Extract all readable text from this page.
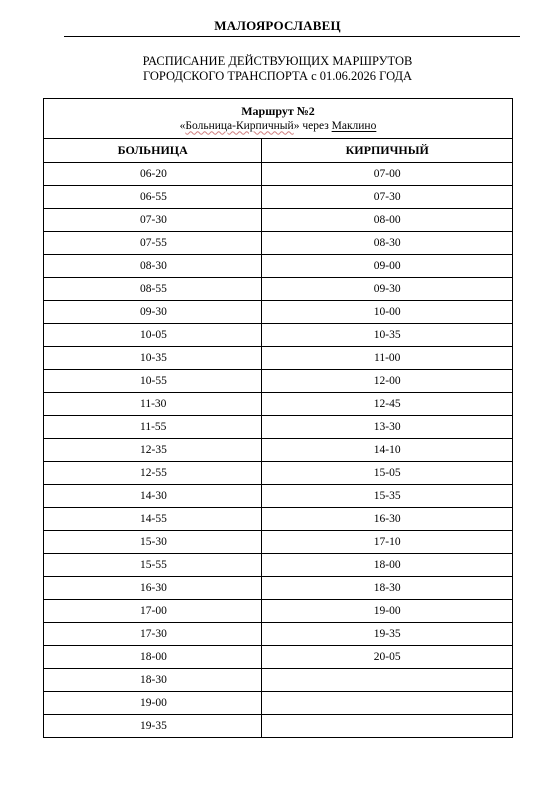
МАЛОЯРОСЛАВЕЦ
РАСПИСАНИЕ ДЕЙСТВУЮЩИХ МАРШРУТОВ
ГОРОДСКОГО ТРАНСПОРТА с 01.06.2026 ГОДА
Маршрут №2
«Больница-Кирпичный» через Маклино	

БОЛЬНИЦА	КИРПИЧНЫЙ
06-20	07-00
06-55	07-30
07-30	08-00
07-55	08-30
08-30	09-00
08-55	09-30
09-30	10-00
10-05	10-35
10-35	11-00
10-55	12-00
11-30	12-45
11-55	13-30
12-35	14-10
12-55	15-05
14-30	15-35
14-55	16-30
15-30	17-10
15-55	18-00
16-30	18-30
17-00	19-00
17-30	19-35
18-00	20-05
18-30	
19-00	
19-35	
